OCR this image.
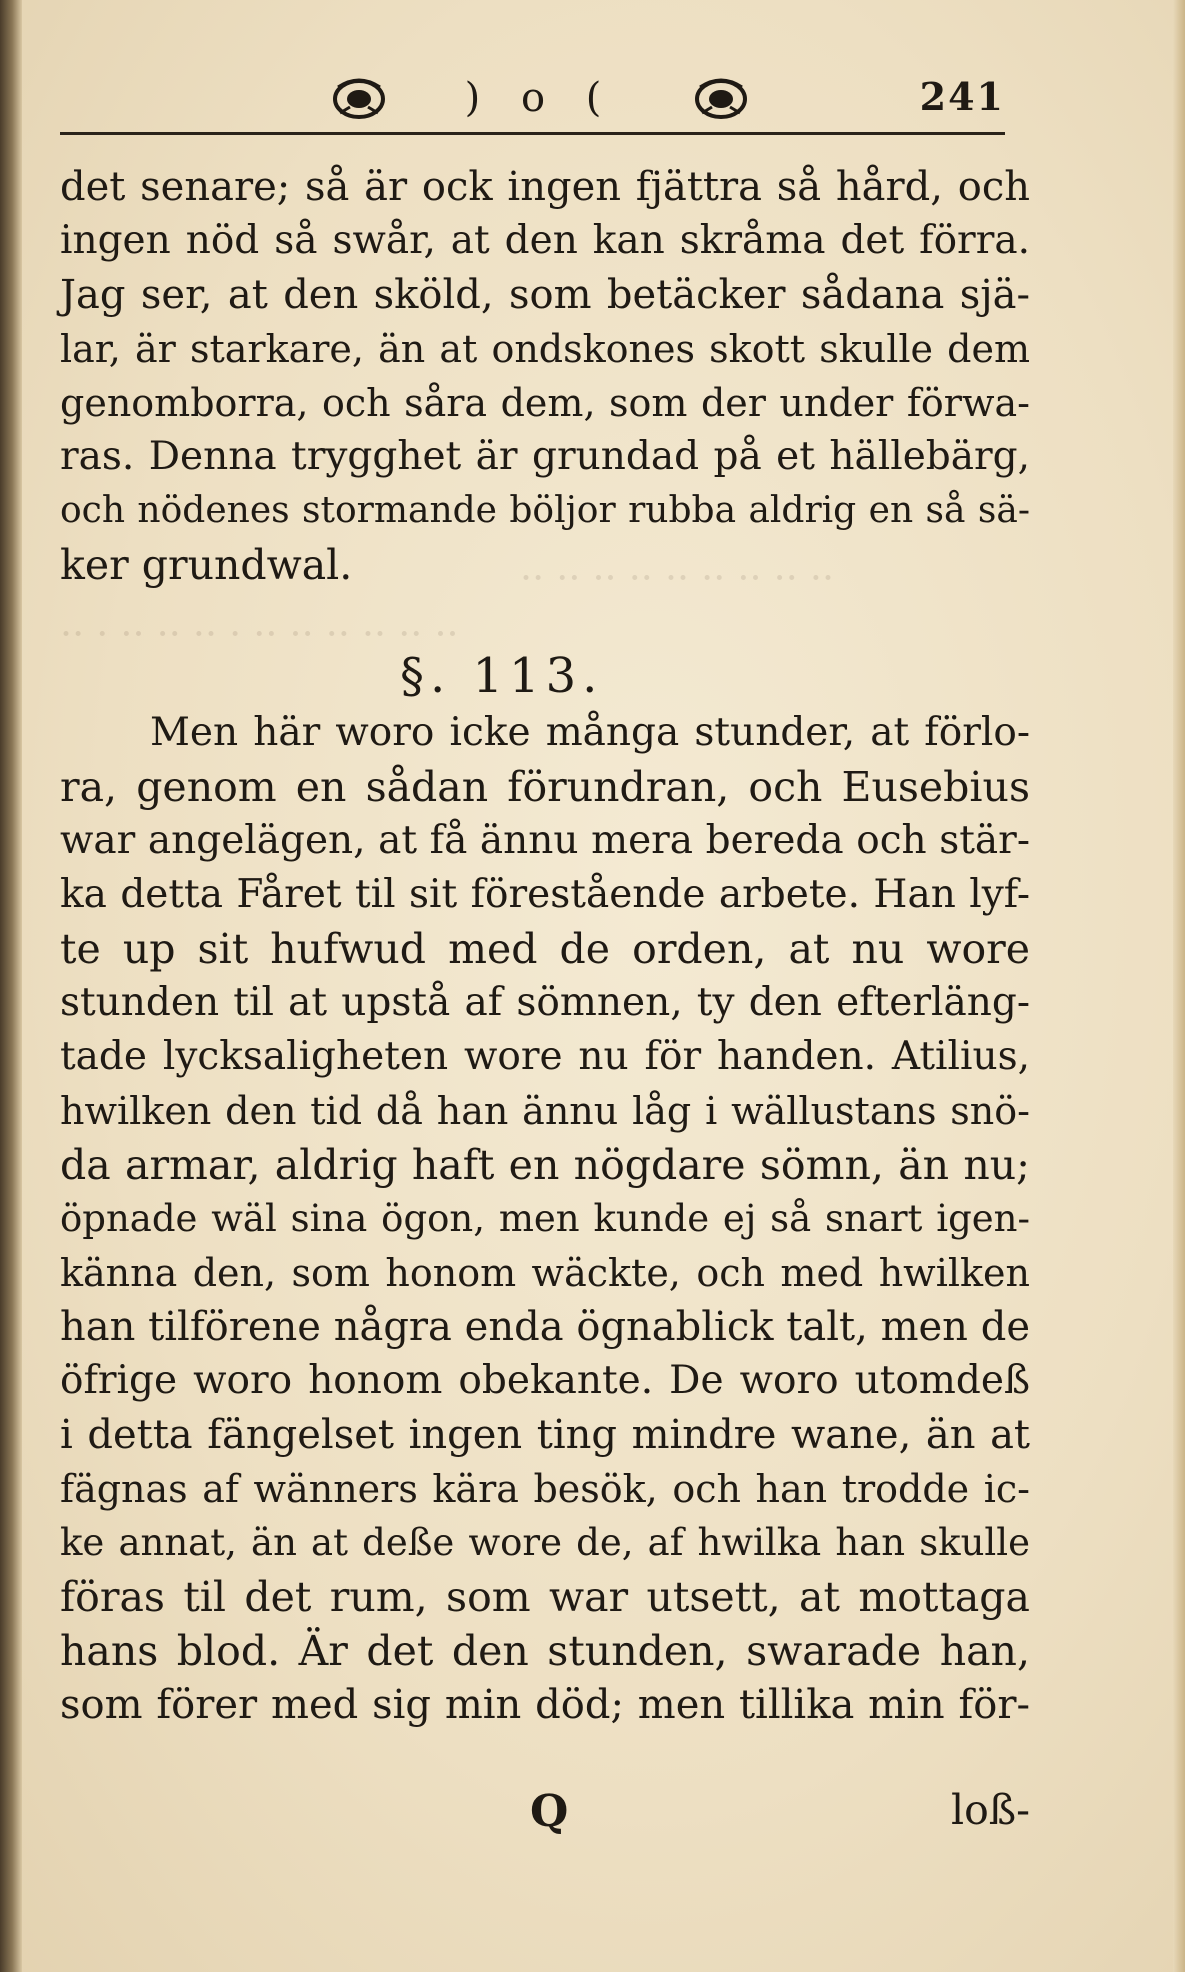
·· ·· ·· ·· ·· ·· ·· ·· ··
·· · ·· ·· ·· · ·· ·· ·· ·· ·· ··
) o (	241
det senare; så är ock ingen fjättra så hård, och
ingen nöd så swår, at den kan skråma det förra.
Jag ser, at den sköld, som betäcker sådana sjä-
lar, är starkare, än at ondskones skott skulle dem
genomborra, och såra dem, som der under förwa-
ras. Denna trygghet är grundad på et hällebärg,
och nödenes stormande böljor rubba aldrig en så sä-
ker grundwal.
§. 113.
Men här woro icke många stunder, at förlo-
ra, genom en sådan förundran, och Eusebius
war angelägen, at få ännu mera bereda och stär-
ka detta Fåret til sit förestående arbete. Han lyf-
te up sit hufwud med de orden, at nu wore
stunden til at upstå af sömnen, ty den efterläng-
tade lycksaligheten wore nu för handen. Atilius,
hwilken den tid då han ännu låg i wällustans snö-
da armar, aldrig haft en nögdare sömn, än nu;
öpnade wäl sina ögon, men kunde ej så snart igen-
känna den, som honom wäckte, och med hwilken
han tilförene några enda ögnablick talt, men de
öfrige woro honom obekante. De woro utomdeß
i detta fängelset ingen ting mindre wane, än at
fägnas af wänners kära besök, och han trodde ic-
ke annat, än at deße wore de, af hwilka han skulle
föras til det rum, som war utsett, at mottaga
hans blod. Är det den stunden, swarade han,
som förer med sig min död; men tillika min för-
Q	loß-
